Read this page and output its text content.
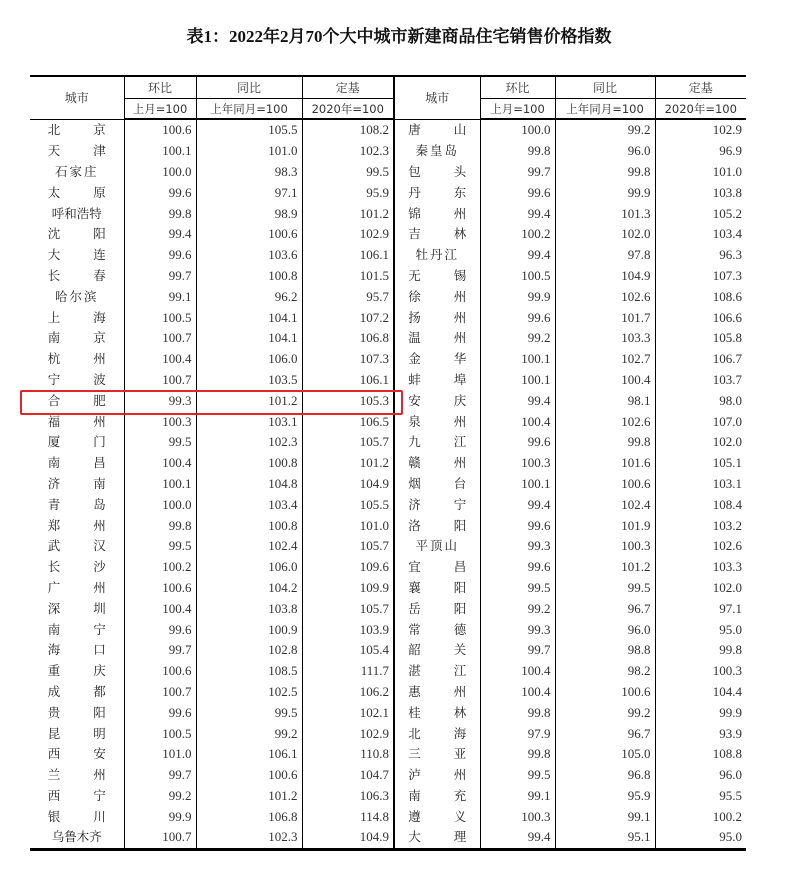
表1：2022年2月70个大中城市新建商品住宅销售价格指数
城市	环比	同比	定基	城市	环比	同比	定基
	上月=100	上年同月=100	2020年=100		上月=100	上年同月=100	2020年=100

北 京	100.6	105.5	108.2	唐 山	100.0	99.2	102.9

天 津	100.1	101.0	102.3	秦皇岛	99.8	96.0	96.9

石家庄	100.0	98.3	99.5	包 头	99.7	99.8	101.0

太 原	99.6	97.1	95.9	丹 东	99.6	99.9	103.8

呼和浩特	99.8	98.9	101.2	锦 州	99.4	101.3	105.2

沈 阳	99.4	100.6	102.9	吉 林	100.2	102.0	103.4

大 连	99.6	103.6	106.1	牡丹江	99.4	97.8	96.3

长 春	99.7	100.8	101.5	无 锡	100.5	104.9	107.3

哈尔滨	99.1	96.2	95.7	徐 州	99.9	102.6	108.6

上 海	100.5	104.1	107.2	扬 州	99.6	101.7	106.6

南 京	100.7	104.1	106.8	温 州	99.2	103.3	105.8

杭 州	100.4	106.0	107.3	金 华	100.1	102.7	106.7

宁 波	100.7	103.5	106.1	蚌 埠	100.1	100.4	103.7

合 肥	99.3	101.2	105.3	安 庆	99.4	98.1	98.0

福 州	100.3	103.1	106.5	泉 州	100.4	102.6	107.0

厦 门	99.5	102.3	105.7	九 江	99.6	99.8	102.0

南 昌	100.4	100.8	101.2	赣 州	100.3	101.6	105.1

济 南	100.1	104.8	104.9	烟 台	100.1	100.6	103.1

青 岛	100.0	103.4	105.5	济 宁	99.4	102.4	108.4

郑 州	99.8	100.8	101.0	洛 阳	99.6	101.9	103.2

武 汉	99.5	102.4	105.7	平顶山	99.3	100.3	102.6

长 沙	100.2	106.0	109.6	宜 昌	99.6	101.2	103.3

广 州	100.6	104.2	109.9	襄 阳	99.5	99.5	102.0

深 圳	100.4	103.8	105.7	岳 阳	99.2	96.7	97.1

南 宁	99.6	100.9	103.9	常 德	99.3	96.0	95.0

海 口	99.7	102.8	105.4	韶 关	99.7	98.8	99.8

重 庆	100.6	108.5	111.7	湛 江	100.4	98.2	100.3

成 都	100.7	102.5	106.2	惠 州	100.4	100.6	104.4

贵 阳	99.6	99.5	102.1	桂 林	99.8	99.2	99.9

昆 明	100.5	99.2	102.9	北 海	97.9	96.7	93.9

西 安	101.0	106.1	110.8	三 亚	99.8	105.0	108.8

兰 州	99.7	100.6	104.7	泸 州	99.5	96.8	96.0

西 宁	99.2	101.2	106.3	南 充	99.1	95.9	95.5

银 川	99.9	106.8	114.8	遵 义	100.3	99.1	100.2

乌鲁木齐	100.7	102.3	104.9	大 理	99.4	95.1	95.0
